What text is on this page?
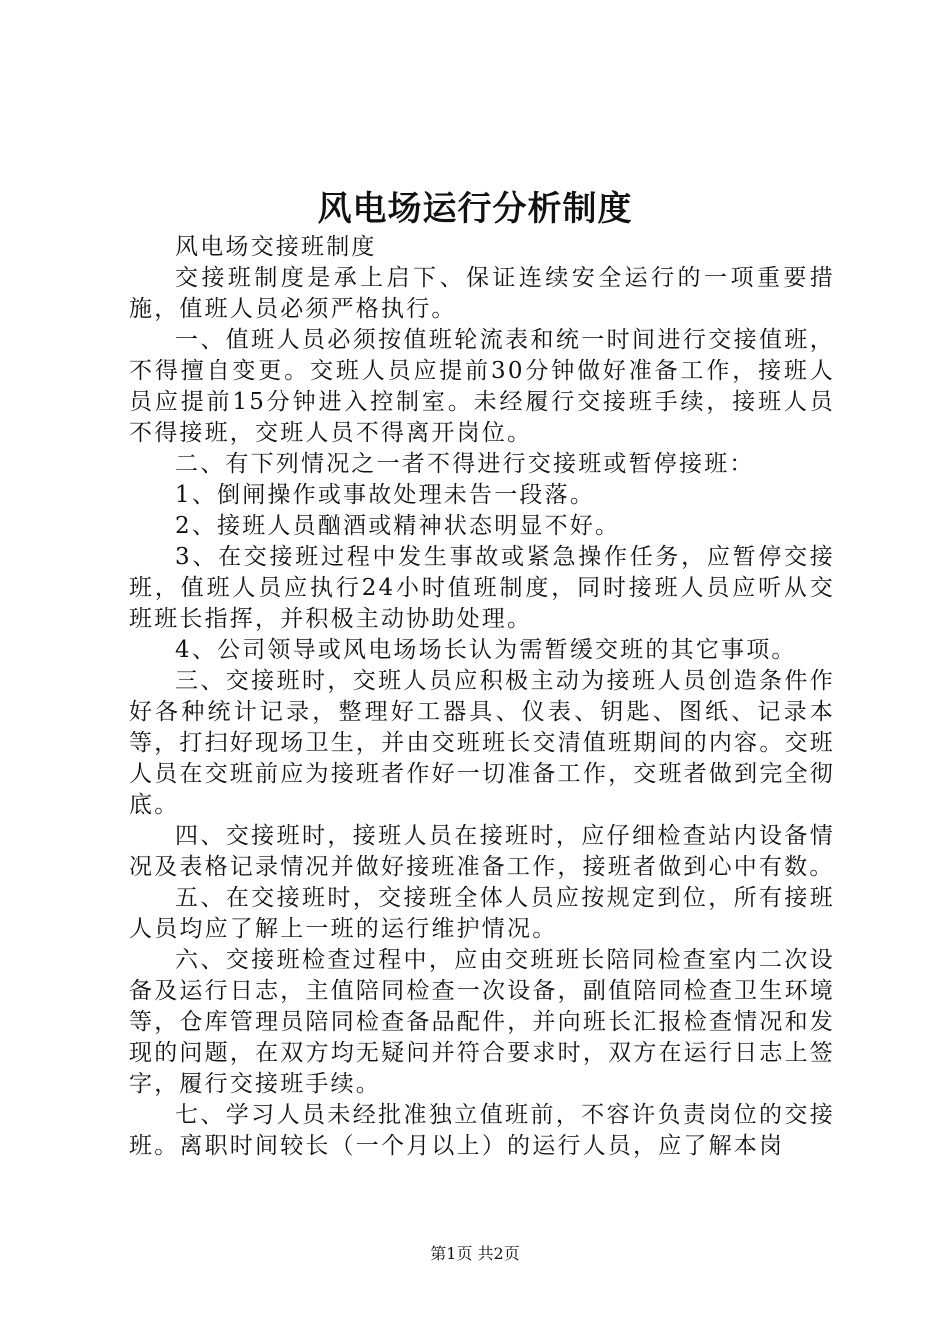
风电场运行分析制度

风电场交接班制度

交接班制度是承上启下、保证连续安全运行的一项重要措施，值班人员必须严格执行。

一、值班人员必须按值班轮流表和统一时间进行交接值班，不得擅自变更。交班人员应提前30分钟做好准备工作，接班人员应提前15分钟进入控制室。未经履行交接班手续，接班人员不得接班，交班人员不得离开岗位。

二、有下列情况之一者不得进行交接班或暂停接班：

1、倒闸操作或事故处理未告一段落。

2、接班人员酗酒或精神状态明显不好。

3、在交接班过程中发生事故或紧急操作任务，应暂停交接班，值班人员应执行24小时值班制度，同时接班人员应听从交班班长指挥，并积极主动协助处理。

4、公司领导或风电场场长认为需暂缓交班的其它事项。

三、交接班时，交班人员应积极主动为接班人员创造条件作好各种统计记录，整理好工器具、仪表、钥匙、图纸、记录本等，打扫好现场卫生，并由交班班长交清值班期间的内容。交班人员在交班前应为接班者作好一切准备工作，交班者做到完全彻底。

四、交接班时，接班人员在接班时，应仔细检查站内设备情况及表格记录情况并做好接班准备工作，接班者做到心中有数。

五、在交接班时，交接班全体人员应按规定到位，所有接班人员均应了解上一班的运行维护情况。

六、交接班检查过程中，应由交班班长陪同检查室内二次设备及运行日志，主值陪同检查一次设备，副值陪同检查卫生环境等，仓库管理员陪同检查备品配件，并向班长汇报检查情况和发现的问题，在双方均无疑问并符合要求时，双方在运行日志上签字，履行交接班手续。

七、学习人员未经批准独立值班前，不容许负责岗位的交接班。离职时间较长（一个月以上）的运行人员，应了解本岗

第1页 共2页
